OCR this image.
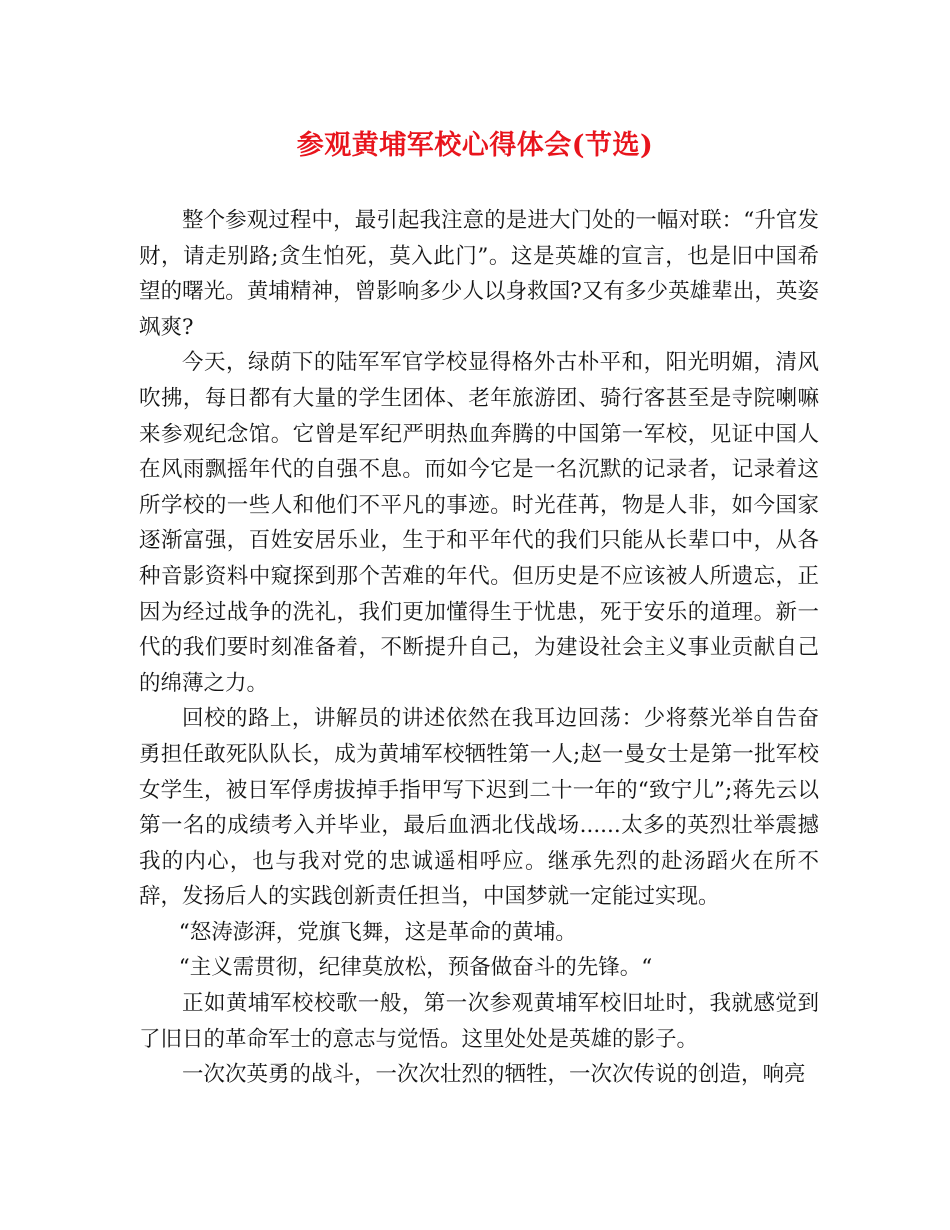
参观黄埔军校心得体会(节选)

整个参观过程中，最引起我注意的是进大门处的一幅对联：“升官发财，请走别路;贪生怕死，莫入此门”。这是英雄的宣言，也是旧中国希望的曙光。黄埔精神，曾影响多少人以身救国?又有多少英雄辈出，英姿飒爽?

今天，绿荫下的陆军军官学校显得格外古朴平和，阳光明媚，清风吹拂，每日都有大量的学生团体、老年旅游团、骑行客甚至是寺院喇嘛来参观纪念馆。它曾是军纪严明热血奔腾的中国第一军校，见证中国人在风雨飘摇年代的自强不息。而如今它是一名沉默的记录者，记录着这所学校的一些人和他们不平凡的事迹。时光荏苒，物是人非，如今国家逐渐富强，百姓安居乐业，生于和平年代的我们只能从长辈口中，从各种音影资料中窥探到那个苦难的年代。但历史是不应该被人所遗忘，正因为经过战争的洗礼，我们更加懂得生于忧患，死于安乐的道理。新一代的我们要时刻准备着，不断提升自己，为建设社会主义事业贡献自己的绵薄之力。

回校的路上，讲解员的讲述依然在我耳边回荡：少将蔡光举自告奋勇担任敢死队队长，成为黄埔军校牺牲第一人;赵一曼女士是第一批军校女学生，被日军俘虏拔掉手指甲写下迟到二十一年的“致宁儿”;蒋先云以第一名的成绩考入并毕业，最后血洒北伐战场......太多的英烈壮举震撼我的内心，也与我对党的忠诚遥相呼应。继承先烈的赴汤蹈火在所不辞，发扬后人的实践创新责任担当，中国梦就一定能过实现。

“怒涛澎湃，党旗飞舞，这是革命的黄埔。

“主义需贯彻，纪律莫放松，预备做奋斗的先锋。“

正如黄埔军校校歌一般，第一次参观黄埔军校旧址时，我就感觉到了旧日的革命军士的意志与觉悟。这里处处是英雄的影子。

一次次英勇的战斗，一次次壮烈的牺牲，一次次传说的创造，响亮
